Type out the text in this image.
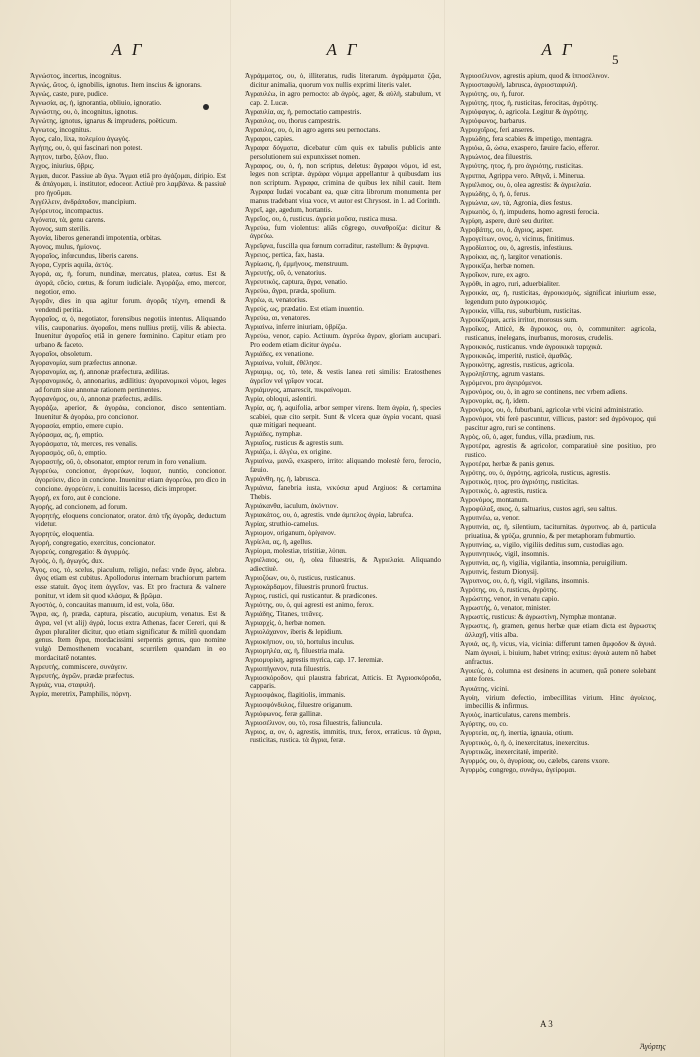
Α Γ	Α Γ	Α Γ
5
Ἀγνώστος, incertus, incognitus.
Ἀγνώς, ῶτος, ὁ, ignobilis, ignotus. Item inscius & ignorans.
Ἁγνώς, caste, pure, pudice.
Ἀγνωσία, ας, ἡ, ignorantia, obliuio, ignoratio.
Ἀγνώστης, ου, ὁ, incognitus, ignotus.
Ἀγνώτης, ignotus, ignarus & imprudens, poëticum.
Ἀγνωτος, incognitus.
Ἀγος, calo, lixa, πολεμίου ἀγωγός.
Ἀγήτης, ου, ὁ, qui fascinari non potest.
Ἀγητον, turbo, ξύλον, fluo.
Ἀγχος, iniurius, ὕβρις.
Ἀγμαι, ducor. Passiue ab ἄγω. Ἄγμαι etiã pro ἀγάζομαι, diripio. Est & ἀπάγομαι, i. institutor, edoceor. Actiuè pro λαμβάνω. & passiuè pro ἡγοῦμαι.
Ἀγγέλλειν, ἀνδράποδον, mancipium.
Ἀγόρευτος, incompactus.
Ἀγόνατα, τὰ, genu carens.
Ἀγονος, sum sterilis.
Ἀγονία, liberos generandi impotentia, orbitas.
Ἀγονος, mulus, ἡμίονος.
Ἀγοραῖος, infœcundus, liberis carens.
Ἀγορα, Cypris aquila, ἀετός.
Ἀγορά, ας, ἡ, forum, nundinæ, mercatus, platea, cœtus. Est & ἀγορά, cōcio, cœtus, & forum iudiciale. Ἀγοράζω, emo, mercor, negotior, emo.
Ἀγορᾶν, dies in qua agitur forum. ἀγορᾶς τέχνη, emendi & vendendi peritia.
Ἀγοραῖος, α, ὁ, negotiator, forensibus negotiis intentus. Aliquando vilis, cauponarius. ἀγοραῖοι, mens nullius pretij, vilis & abiecta. Inuenitur ἀγοραῖος etiã in genere fœminino. Capitur etiam pro urbano & faceto.
Ἀγοραῖοι, obsoletum.
Ἀγορανομία, sum præfectus annonæ.
Ἀγορανομία, ας, ἡ, annonæ præfectura, ædilitas.
Ἀγορανομικός, ὁ, annonarius, ædilitius: ἀγορανομικοὶ νόμοι, leges ad forum siue annonæ rationem pertinentes.
Ἀγορανόμος, ου, ὁ, annonæ præfectus, ædilis.
Ἀγοράζω, aperior, & ἀγοράω, concionor, disco sententiam. Inuenitur & ἀγοράω, pro concionor.
Ἀγορασία, emptio, emere cupio.
Ἀγόρασμα, ας, ἡ, emptio.
Ἀγοράσματα, τὰ, merces, res venalis.
Ἀγορασμός, οῦ, ὁ, emptio.
Ἀγοραστής, οῦ, ὁ, obsonator, emptor rerum in foro venalium.
Ἀγορεύω, concionor, ἀγορεύων, loquor, nuntio, concionor. ἀγορεύειν, dico in concione. Inuenitur etiam ἀγορεύω, pro dico in concione. ἀγορεύειν, i. conuitiis lacesso, dicis improper.
Ἀγορή, ex foro, aut è concione.
Ἀγορής, ad concionem, ad forum.
Ἀγορητής, eloquens concionator, orator. ἀπὸ τῆς ἀγορᾶς, deductum videtur.
Ἀγορητύς, eloquentia.
Ἀγορή, congregatio, exercitus, concionator.
Ἀγορεύς, congregatio: & ἀγυρμός.
Ἀγοός, ὁ, ἡ, ἀγωγός, dux.
Ἄγος, εος, τὸ, scelus, piaculum, religio, nefas: vnde ἄγος, alebra. ἄγος etiam est cubitus. Apollodorus internam brachiorum partem esse statuit. ἄγος item ἀγγεῖον, vas. Et pro fractura & valnere ponitur, vt idem sit quod κλάσμα, & βρῶμα.
Ἀγοστός, ὁ, concauitas manuum, id est, vola, ὕδα.
Ἄγρα, ας, ἡ, præda, captura, piscatio, aucupium, venatus. Est & ἄγρα, vel (vt alij) ἀγρά, locus extra Athenas, facer Cereri, qui & ἄγραι pluraliter dicitur, quo etiam significatur & militū quondam genus. Item ἄγρα, mordacissimi serpentis genus, quo nomine vulgò Demosthenem vocabant, scurrilem quandam in eo mordacitatē notantes.
Ἀγρευτής, commiscere, συνάγειν.
Ἀγρευτής, ἀγρῶν, prædæ præfectus.
Ἀγριάς, vua, σταφυλή.
Ἀγρία, meretrix, Pamphilis, πόρνη.
Ἀγράμματος, ου, ὁ, illiteratus, rudis literarum. ἀγράμματα ζῷα, dicitur animalia, quorum vox nullis exprimi literis valet.
Ἀγραυλέω, in agro pernocto: ab ἀγρὸς, ager, & αὐλὴ, stabulum, vt cap. 2. Lucæ.
Ἀγραυλία, ας, ἡ, pernoctatio campestris.
Ἀγραυλος, ου, thorus campestris.
Ἀγραυλος, ου, ὁ, in agro agens seu pernoctans.
Ἀγραφοι, capies.
Ἀγραφα δόγματα, dicebatur cùm quis ex tabulis publicis ante persolutionem sui expunxisset nomen.
Ἀγραφος, ου, ὁ, ἡ, non scriptus, deletus: ἄγραφοι νόμοι, id est, leges non scriptæ. ἀγράφα νόμιμα appellantur à quibusdam ius non scriptum. Ἀγραφα, crimina de quibus lex nihil cauit. Item Ἀγραφα Iudæi vocabant ea, quæ citra librorum monumenta per manus tradebant viua voce, vt autor est Chrysost. in 1. ad Corinth.
Ἀγρεῖ, age, agedum, hortantis.
Ἀγρεῖος, ου, ὁ, rusticus. ἀγρεία μοῦσα, rustica musa.
Ἀγρεύω, fum violentus: aliās cōgrego, συναθροίζω: dicitur & ἀγρεύω.
Ἀγρεῖφνα, fuscilla qua fœnum corraditur, rastellum: & ἄγριφνα.
Ἀγρειος, pertica, fax, hasta.
Ἀγρίωσις, ἡ, ἐμμήνους, menstruum.
Ἀγρευτής, οῦ, ὁ, venatorius.
Ἀγρευτικός, captura, ἄγρα, venatio.
Ἀγρεύω, ἄγρα, præda, spolium.
Ἀγρέω, α, venatorius.
Ἀγρεύς, ως, prædatio. Est etiam inuentio.
Ἀγρεύω, αι, venatores.
Ἀγριαίνω, inferre iniuriam, ὑβρίζω.
Ἀγρεύω, venor, capio. Actiuum. ἀγρεύω ἄγραν, gloriam aucupari. Pro eodem etiam dicitur ἀγρέω.
Ἀγριάδες, ex venatione.
Ἀγριαίνω, voluit, ἐθέλησε.
Ἀγριαμῳ, ος, τὸ, tete, & vestis lanea reti similis: Eratosthenes ἀγρεῖον vel γρῖφον vocat.
Ἀγριάμυγος, amarescit, πικραίνομαι.
Ἀγρία, obloqui, aslentiri.
Ἀγρία, ας, ἡ, aquifolia, arbor semper virens. Item ἀγρία, ἡ, species scabiei, quæ cito serpit. Sunt & vlcera quæ ἀγρία vocant, quasi quæ mitigari nequeant.
Ἀγριάδες, nymphæ.
Ἀγριαῖος, rusticus & agrestis sum.
Ἀγριάζω, i. ἀλγέω, ex origine.
Ἀγριαίνω, μανῶ, exaspero, irrito: aliquando molestè fero, ferocio, fæuio.
Ἀγριάνθη, ης, ἡ, labrusca.
Ἀγριάνια, fanebria iusta, νεκύσια apud Argiuos: & certamina Thebis.
Ἀγριάκανθα, iaculum, ἀκόντιον.
Ἀγριακάτος, ου, ὁ, agrestis. vnde ἀμπελος ἀγρία, labrufca.
Ἀγρίας, struthio-camelus.
Ἀγριομον, origanum, ὀρίγανον.
Ἀγρίελα, ας, ἡ, agellus.
Ἀγρίομα, molestiæ, tristitiæ, λύπαι.
Ἀγριέλαιος, ου, ἡ, olea filuestris, & Ἀγριελαία. Aliquando adiectiuè.
Ἀγριοζόων, ου, ὁ, rusticus, rusticanus.
Ἀγριοκάρδαμον, filuestris prunorū fructus.
Ἀγριος, rustici, qui rusticantur. & prædicones.
Ἀγριότης, ου, ὁ, qui agresti est animo, ferox.
Ἀγριάδης, Titanes, τιτᾶνες.
Ἀγριαρχίς, ὁ, herbæ nomen.
Ἀγριολάχανον, iberis & lepidium.
Ἀγριοκήπιον, ου, τὸ, hortulus inculus.
Ἀγριομηλέα, ας, ἡ, filuestria mala.
Ἀγριομυρίκη, agrestis myrica, cap. 17. Ieremiæ.
Ἀγριοπήγανον, ruta filuestris.
Ἀγριοσκόροδον, qui plaustra fabricat, Atticis. Et Ἀγριοσκόροδα, capparis.
Ἀγριοσφάκος, flagitiolis, immanis.
Ἀγριοσφόνδυλος, filuestre origanum.
Ἀγριόφωνος, feræ gallinæ.
Ἀγριοσέλινον, ου, τὸ, rosa filuestris, faliuncula.
Ἀγριος, α, ον, ὁ, agrestis, immitis, trux, ferox, erraticus. τὰ ἄγρια, rusticitas, rustica. τὰ ἄγρια, feræ.
Ἀγριοσέλινον, agrestis apium, quod & ἱπποσέλινον.
Ἀγριοσταφυλή, labrusca, ἀγριοσταφυλή.
Ἀγριότης, ου, ἡ, furor.
Ἀγριότης, ητος, ἡ, rusticitas, ferocitas, ἀγρότης.
Ἀγριόφαγος, ὁ, agricola. Legitur & ἀγρότης.
Ἀγριόφωνος, barbarus.
Ἀγριοχοῖρος, feri anseres.
Ἀγριώδης, fera scabies & impetigo, mentagra.
Ἀγριόω, ῶ, ώσω, exaspero, fæuire facio, efferor.
Ἀγριώνιος, dea filuestris.
Ἀγριότης, ητος, ἡ, pro ἀγριότης, rusticitas.
Ἀγριππα, Agrippa vero. Ἀθηνᾶ, i. Minerua.
Ἀγριέλαιος, ου, ὁ, olea agrestis: & ἀγριελαία.
Ἀγριώδης, ὁ, ἡ, ὁ, ferus.
Ἀγριώνια, ων, τὰ, Agronia, dies festus.
Ἀγριωπὸς, ὁ, ἡ, impudens, homo agresti ferocia.
Ἀγρίφη, aspere, durè seu duriter.
Ἀγροβάτης, ου, ὁ, ἄγριος, asper.
Ἀγρογείτων, ονος, ὁ, vicinus, finitimus.
Ἀγροδίαιτος, ου, ὁ, agrestis, infestiuus.
Ἀγροίκια, ας, ἡ, largitor venationis.
Ἀγροικίζω, herbæ nomen.
Ἀγροῖκον, rure, ex agro.
Ἀγρόθι, in agro, ruri, aduerbialiter.
Ἀγροικία, ας, ἡ, rusticitas, ἀγροικισμὸς, significat iniurium esse, legendum puto ἀγροικισμός.
Ἀγροικία, villa, rus, suburbium, rusticitas.
Ἀγροικίζομαι, acris irritor, morosus sum.
Ἀγροῖκος, Atticè, & ἄγροικος, ου, ὁ, communiter: agricola, rusticanus, inelegans, inurbanus, morosus, crudelis.
Ἀγροικικός, rusticanus. vnde ἀγροικικὰ ταριχικὰ.
Ἀγροικικῶς, imperitè, rusticè, ἀμαθῶς.
Ἀγροικότης, agrestis, rusticus, agricola.
Ἀγροληΐστης, agrum vastans.
Ἀγρόμενοι, pro ἀγειρόμενοι.
Ἀγρονόμος, ου, ὁ, in agro se continens, nec vrbem adiens.
Ἀγρονομία, ας, ἡ, idem.
Ἀγρονόμος, ου, ὁ, fuburbani, agricolæ vrbi vicini administratio.
Ἀγρονόμοι, vbi ferè pascuntur, villicus, pastor: sed ἀγρόνομος, qui pascitur agro, ruri se continens.
Ἀγρὸς, οῦ, ὁ, ager, fundus, villa, prædium, rus.
Ἀγροτέρα, agrestis & agricolor, comparatiuè sine positiuo, pro rustico.
Ἀγροτέρα, herbæ & panis genus.
Ἀγρότης, ου, ὁ, ἀγρότης, agricola, rusticus, agrestis.
Ἀγροτικός, ητος, pro ἀγριότης, rusticitas.
Ἀγροτικός, ὁ, agrestis, rustica.
Ἀγρονόμος, montanum.
Ἀγροφύλαξ, ακος, ὁ, saltuarius, custos agri, seu saltus.
Ἀγρυπνέω, ω, venor.
Ἀγρυπνία, ας, ἡ, silentium, taciturnitas. ἀγρυπνος. ab ἀ, particula priuatiua, & γρύζω, grunnio, & per metaphoram fubmurtio.
Ἀγρυπνίας, ω, vigilo, vigiliis deditus sum, custodias ago.
Ἀγρυπνητικός, vigil, insomnis.
Ἀγρυπνία, ας, ἡ, vigilia, vigilantia, insomnia, peruigilium.
Ἀγρυπνίς, festum Dionysij.
Ἄγρυπνος, ου, ὁ, ἡ, vigil, vigilans, insomnis.
Ἀγρότης, ου, ὁ, rusticus, ἀγρότης.
Ἀγρώστης, venor, in venatu capio.
Ἀγρωστής, ὁ, venator, minister.
Ἀγρωστὶς, rusticus: & ἀγρωστίνη, Nymphæ montanæ.
Ἀγρωστις, ἡ, gramen, genus herbæ quæ etiam dicta est ἄγρωστις ἀλλαχῆ, vitis alba.
Ἀγυιά, ας, ἡ, vicus, via, vicinia: differunt tamen ἄμφοδον & ἀγυιά. Nam ἀγυιαὶ, i. biuium, habet vtrinq; exitus: ἀγυιὰ autem nō habet anfractus.
Ἀγυιεὺς, ὁ, columna est desinens in acumen, quā ponere solebant ante fores.
Ἀγυιάτης, vicini.
Ἀγυίη, virium defectio, imbecillitas virium. Hinc ἀγυίειος, imbecillis & infirmus.
Ἀγυιὸς, inarticulatus, carens membris.
Ἀγύρτης, ου, co.
Ἀγυρτεία, ας, ἡ, inertia, ignauia, otium.
Ἀγυρτικός, ὁ, ἡ, ὁ, inexercitatus, inexercitus.
Ἀγυρτικῶς, inexercitatè, imperitè.
Ἀγυρμός, ου, ὁ, ἀγυρίσας, ου, cælebs, carens vxore.
Ἀγυρμὸς, congrego, συνάγω, ἀγείρομαι.
A 3
Ἀγύρτης
